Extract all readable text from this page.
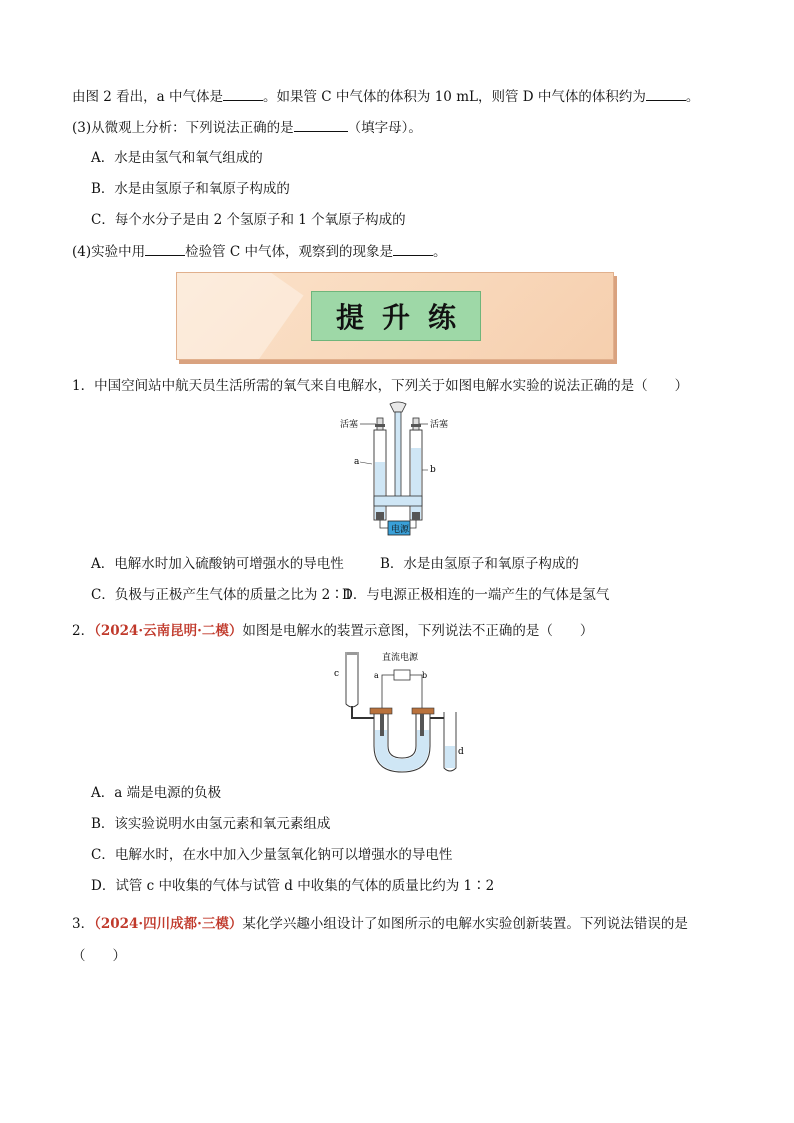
由图 2 看出，a 中气体是	。如果管 C 中气体的体积为 10 mL，则管 D 中气体的体积约为	。
(3)从微观上分析：下列说法正确的是	（填字母）。
A．水是由氢气和氧气组成的
B．水是由氢原子和氧原子构成的
C．每个水分子是由 2 个氢原子和 1 个氧原子构成的
(4)实验中用	检验管 C 中气体，观察到的现象是	。
提升练
1．中国空间站中航天员生活所需的氧气来自电解水，下列关于如图电解水实验的说法正确的是（　　）
活塞	活塞
a
b
电源
A．电解水时加入硫酸钠可增强水的导电性	B．水是由氢原子和氧原子构成的
C．负极与正极产生气体的质量之比为 2∶1
D．与电源正极相连的一端产生的气体是氢气
2．（2024·云南昆明·二模）如图是电解水的装置示意图，下列说法不正确的是（　　）
c
直流电源
a	b
d
A．a 端是电源的负极
B．该实验说明水由氢元素和氧元素组成
C．电解水时，在水中加入少量氢氧化钠可以增强水的导电性
D．试管 c 中收集的气体与试管 d 中收集的气体的质量比约为 1∶2
3．（2024·四川成都·三模）某化学兴趣小组设计了如图所示的电解水实验创新装置。下列说法错误的是
（　　）
